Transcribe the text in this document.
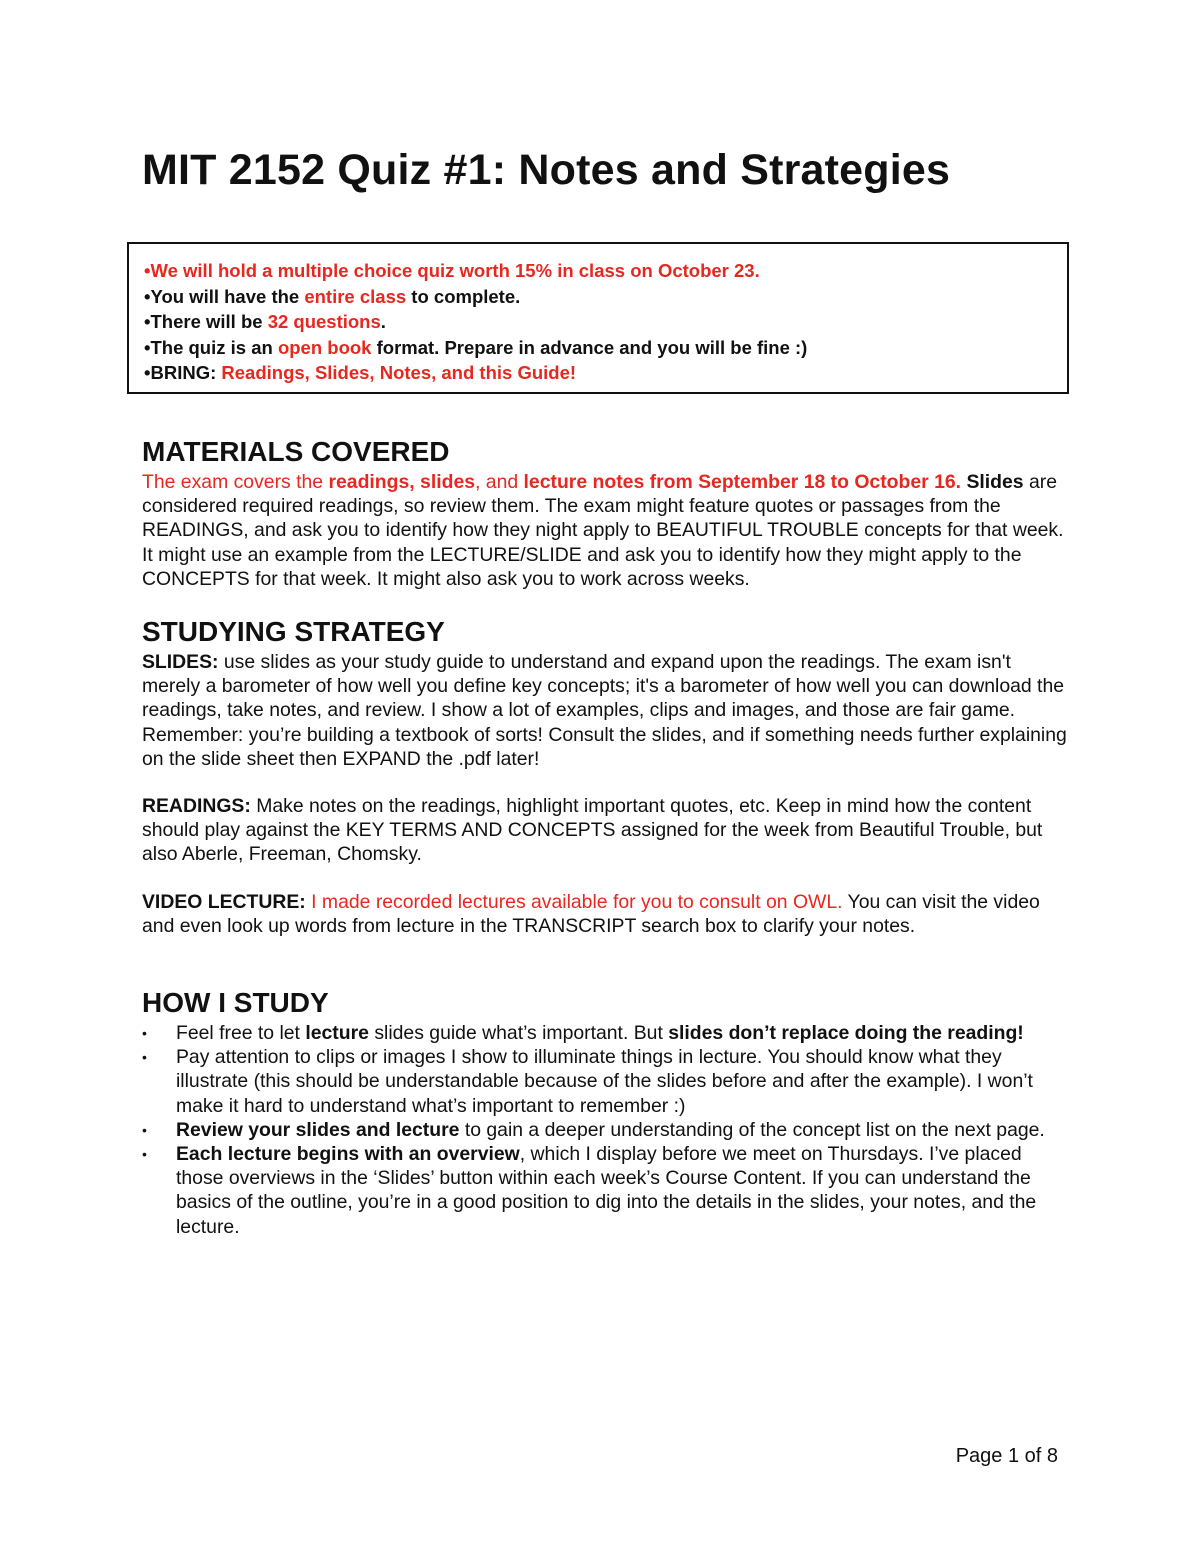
MIT 2152 Quiz #1: Notes and Strategies
•We will hold a multiple choice quiz worth 15% in class on October 23.
•You will have the entire class to complete.
•There will be 32 questions.
•The quiz is an open book format. Prepare in advance and you will be fine :)
•BRING: Readings, Slides, Notes, and this Guide!
MATERIALS COVERED

The exam covers the readings, slides, and lecture notes from September 18 to October 16. Slides are considered required readings, so review them. The exam might feature quotes or passages from the READINGS, and ask you to identify how they night apply to BEAUTIFUL TROUBLE concepts for that week. It might use an example from the LECTURE/SLIDE and ask you to identify how they might apply to the CONCEPTS for that week. It might also ask you to work across weeks.

STUDYING STRATEGY

SLIDES: use slides as your study guide to understand and expand upon the readings. The exam isn't merely a barometer of how well you define key concepts; it's a barometer of how well you can download the readings, take notes, and review. I show a lot of examples, clips and images, and those are fair game. Remember: you’re building a textbook of sorts! Consult the slides, and if something needs further explaining on the slide sheet then EXPAND the .pdf later!

READINGS: Make notes on the readings, highlight important quotes, etc. Keep in mind how the content should play against the KEY TERMS AND CONCEPTS assigned for the week from Beautiful Trouble, but also Aberle, Freeman, Chomsky.

VIDEO LECTURE: I made recorded lectures available for you to consult on OWL. You can visit the video and even look up words from lecture in the TRANSCRIPT search box to clarify your notes.

HOW I STUDY
• Feel free to let lecture slides guide what’s important. But slides don’t replace doing the reading!
• Pay attention to clips or images I show to illuminate things in lecture. You should know what they illustrate (this should be understandable because of the slides before and after the example). I won’t make it hard to understand what’s important to remember :)
• Review your slides and lecture to gain a deeper understanding of the concept list on the next page.
• Each lecture begins with an overview, which I display before we meet on Thursdays. I’ve placed those overviews in the ‘Slides’ button within each week’s Course Content. If you can understand the basics of the outline, you’re in a good position to dig into the details in the slides, your notes, and the lecture.
Page 1 of 8
